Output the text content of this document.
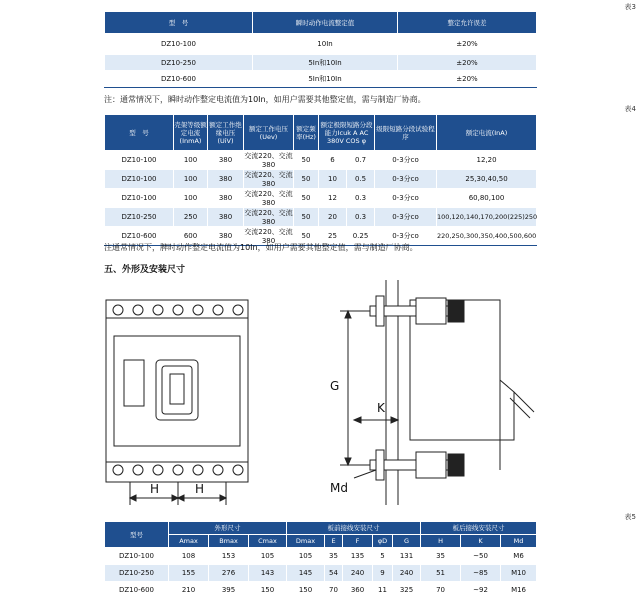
表3
型　号	瞬时动作电流整定值	整定允许误差
DZ10-100	10In	±20%
DZ10-250	5In和10In	±20%
DZ10-600	5In和10In	±20%
注：通常情况下，瞬时动作整定电流值为10In，如用户需要其他整定值，需与制造厂协商。
表4
型　号	壳架等级额定电流(InmA)	额定工作绝缘电压(UiV)	额定工作电压(Uev)	额定频率(Hz)	额定极限短路分段能力Icuk A AC 380V COS φ		级限短路分段试验程序	额定电流(InA)
DZ10-100	100	380	交流220、交流380	50	6	0.7	0-3分co	12,20
DZ10-100	100	380	交流220、交流380	50	10	0.5	0-3分co	25,30,40,50
DZ10-100	100	380	交流220、交流380	50	12	0.3	0-3分co	60,80,100
DZ10-250	250	380	交流220、交流380	50	20	0.3	0-3分co	100,120,140,170,200(225)250
DZ10-600	600	380	交流220、交流380	50	25	0.25	0-3分co	220,250,300,350,400,500,600
注通常情况下，脾时动作整定电流值为10In，如用户需要其他整定值，需与制造厂协商。
五、外形及安装尺寸
H	H
G
K
Md
表5
型号	外形尺寸			板前接线安装尺寸					板后接线安装尺寸		
	Amax	Bmax	Cmax	Dmax	E	F	φD	G	H	K	Md
DZ10-100	108	153	105	105	35	135	5	131	35	~50	M6
DZ10-250	155	276	143	145	54	240	9	240	51	~85	M10
DZ10-600	210	395	150	150	70	360	11	325	70	~92	M16
